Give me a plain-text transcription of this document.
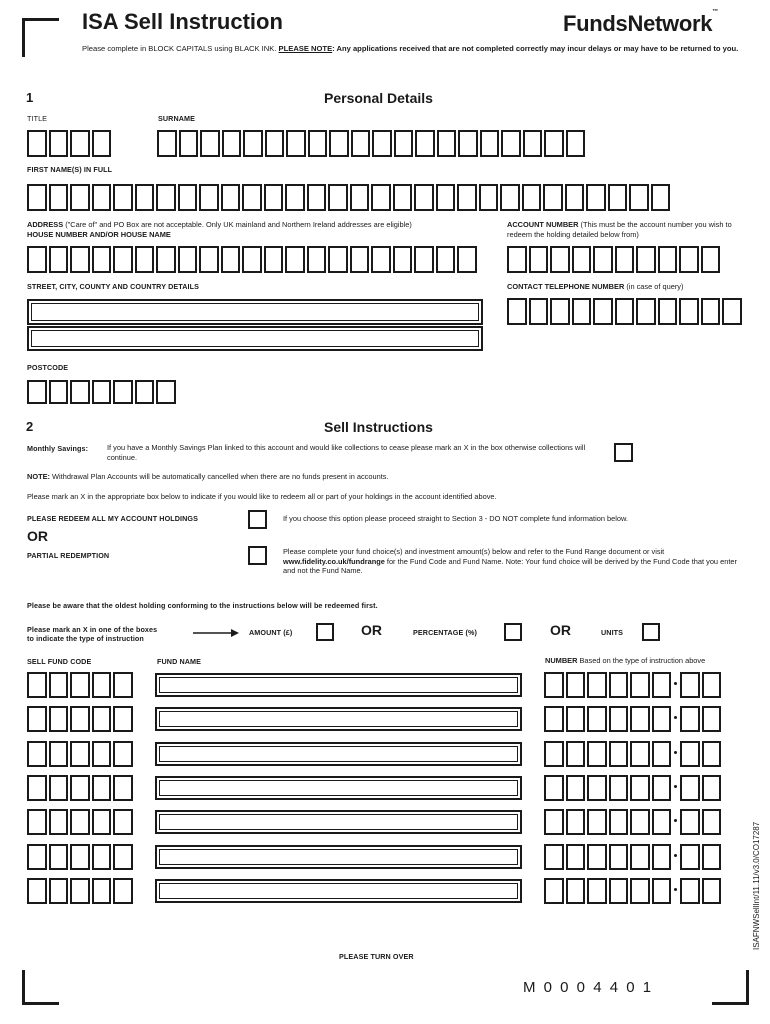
ISA Sell Instruction	FundsNetwork™
Please complete in BLOCK CAPITALS using BLACK INK. PLEASE NOTE: Any applications received that are not completed correctly may incur delays or may have to be returned to you.
1	Personal Details
TITLE	SURNAME
FIRST NAME(S) IN FULL
ADDRESS ("Care of" and PO Box are not acceptable. Only UK mainland and Northern Ireland addresses are eligible)
HOUSE NUMBER AND/OR HOUSE NAME
ACCOUNT NUMBER (This must be the account number you wish to redeem the holding detailed below from)
STREET, CITY, COUNTY AND COUNTRY DETAILS	CONTACT TELEPHONE NUMBER (in case of query)
POSTCODE
2	Sell Instructions
Monthly Savings:	If you have a Monthly Savings Plan linked to this account and would like collections to cease please mark an X in the box otherwise collections will continue.
NOTE: Withdrawal Plan Accounts will be automatically cancelled when there are no funds present in accounts.
Please mark an X in the appropriate box below to indicate if you would like to redeem all or part of your holdings in the account identified above.
PLEASE REDEEM ALL MY ACCOUNT HOLDINGS	If you choose this option please proceed straight to Section 3 - DO NOT complete fund information below.
OR
PARTIAL REDEMPTION	Please complete your fund choice(s) and investment amount(s) below and refer to the Fund Range document or visit www.fidelity.co.uk/fundrange for the Fund Code and Fund Name. Note: Your fund choice will be derived by the Fund Code that you enter and not the Fund Name.
Please be aware that the oldest holding conforming to the instructions below will be redeemed first.
Please mark an X in one of the boxes
to indicate the type of instruction
AMOUNT (£)	OR	PERCENTAGE (%)	OR	UNITS
SELL FUND CODE	FUND NAME	NUMBER Based on the type of instruction above
PLEASE TURN OVER
M 0 0 0 4 4 0 1
ISAFNWSellInt/11.11/v3.0/CO17287
